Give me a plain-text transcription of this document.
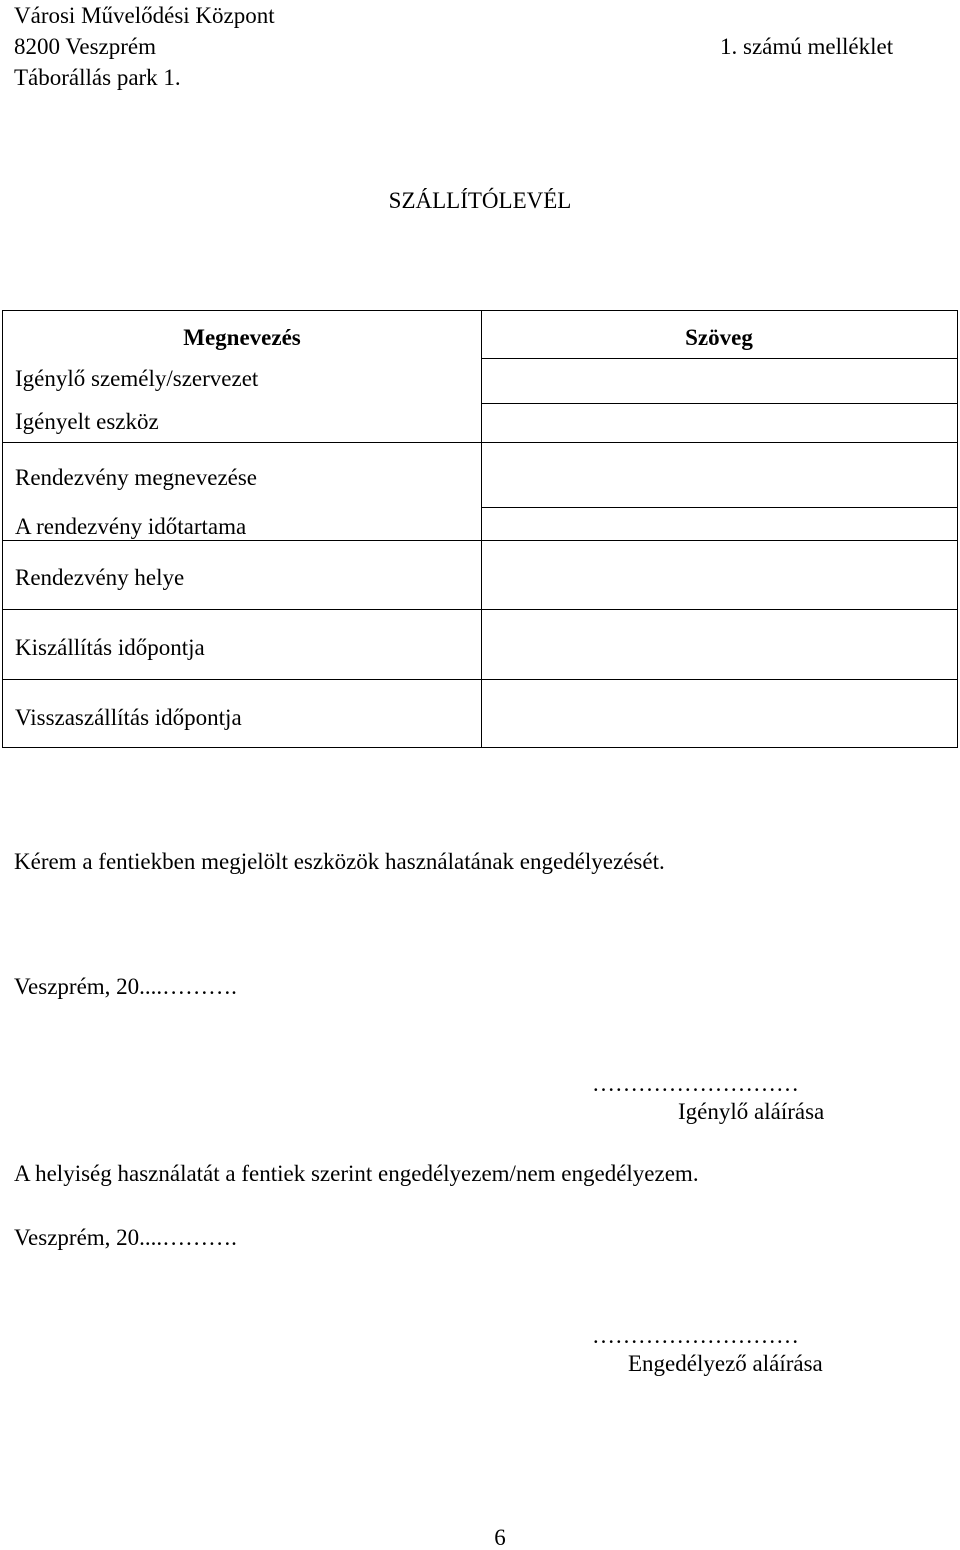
Városi Művelődési Központ
8200 Veszprém	1. számú melléklet
Táborállás park 1.
SZÁLLÍTÓLEVÉL
Megnevezés	Szöveg
Igénylő személy/szervezet
Igényelt eszköz
Rendezvény megnevezése
A rendezvény időtartama
Rendezvény helye
Kiszállítás időpontja
Visszaszállítás időpontja
Kérem a fentiekben megjelölt eszközök használatának engedélyezését.
Veszprém, 20....……….
………………………
Igénylő aláírása
A helyiség használatát a fentiek szerint engedélyezem/nem engedélyezem.
Veszprém, 20....……….
………………………
Engedélyező aláírása
6
